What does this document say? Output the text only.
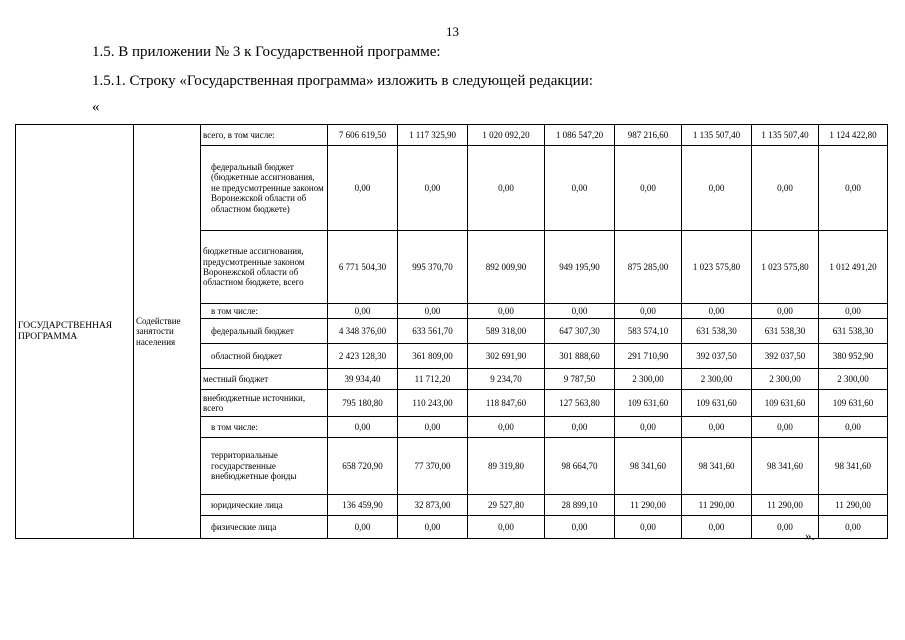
13
1.5. В приложении № 3 к Государственной программе:
1.5.1. Строку «Государственная программа» изложить в следующей редакции:
«
ГОСУДАРСТВЕННАЯ ПРОГРАММА	Содействие занятости населения	всего, в том числе:	7 606 619,50	1 117 325,90	1 020 092,20	1 086 547,20	987 216,60	1 135 507,40	1 135 507,40	1 124 422,80
		федеральный бюджет (бюджетные ассигнования, не предусмотренные законом Воронежской области об областном бюджете)	0,00	0,00	0,00	0,00	0,00	0,00	0,00	0,00
		бюджетные ассигнования, предусмотренные законом Воронежской области об областном бюджете, всего	6 771 504,30	995 370,70	892 009,90	949 195,90	875 285,00	1 023 575,80	1 023 575,80	1 012 491,20
		в том числе:	0,00	0,00	0,00	0,00	0,00	0,00	0,00	0,00
		федеральный бюджет	4 348 376,00	633 561,70	589 318,00	647 307,30	583 574,10	631 538,30	631 538,30	631 538,30
		областной бюджет	2 423 128,30	361 809,00	302 691,90	301 888,60	291 710,90	392 037,50	392 037,50	380 952,90
		местный бюджет	39 934,40	11 712,20	9 234,70	9 787,50	2 300,00	2 300,00	2 300,00	2 300,00
		внебюджетные источники, всего	795 180,80	110 243,00	118 847,60	127 563,80	109 631,60	109 631,60	109 631,60	109 631,60
		в том числе:	0,00	0,00	0,00	0,00	0,00	0,00	0,00	0,00
		территориальные государственные внебюджетные фонды	658 720,90	77 370,00	89 319,80	98 664,70	98 341,60	98 341,60	98 341,60	98 341,60
		юридические лица	136 459,90	32 873,00	29 527,80	28 899,10	11 290,00	11 290,00	11 290,00	11 290,00
		физические лица	0,00	0,00	0,00	0,00	0,00	0,00	0,00	0,00
».
